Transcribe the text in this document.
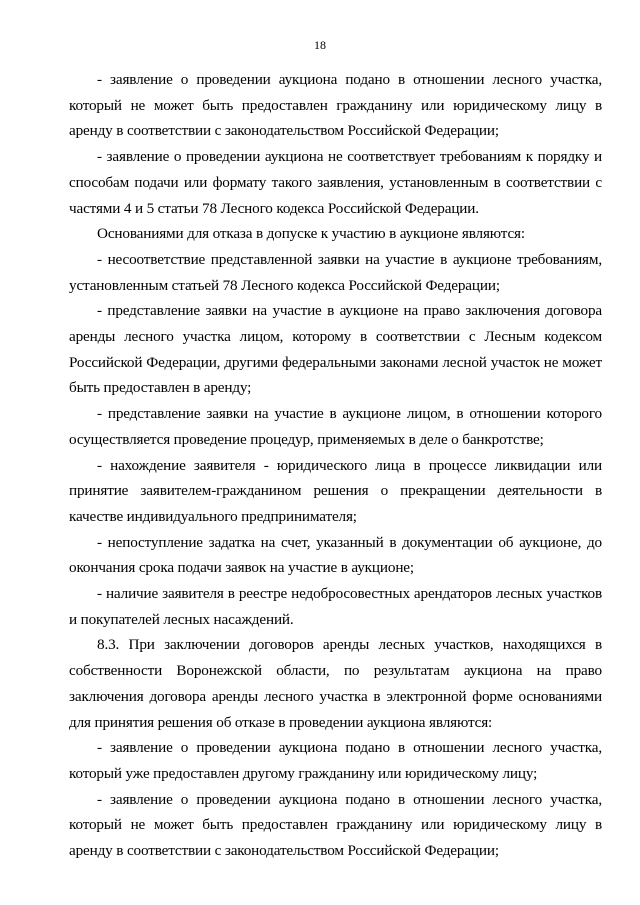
18

- заявление о проведении аукциона подано в отношении лесного участка, который не может быть предоставлен гражданину или юридическому лицу в аренду в соответствии с законодательством Российской Федерации;

- заявление о проведении аукциона не соответствует требованиям к порядку и способам подачи или формату такого заявления, установленным в соответствии с частями 4 и 5 статьи 78 Лесного кодекса Российской Федерации.

Основаниями для отказа в допуске к участию в аукционе являются:

- несоответствие представленной заявки на участие в аукционе требованиям, установленным статьей 78 Лесного кодекса Российской Федерации;

- представление заявки на участие в аукционе на право заключения договора аренды лесного участка лицом, которому в соответствии с Лесным кодексом Российской Федерации, другими федеральными законами лесной участок не может быть предоставлен в аренду;

- представление заявки на участие в аукционе лицом, в отношении которого осуществляется проведение процедур, применяемых в деле о банкротстве;

- нахождение заявителя - юридического лица в процессе ликвидации или принятие заявителем-гражданином решения о прекращении деятельности в качестве индивидуального предпринимателя;

- непоступление задатка на счет, указанный в документации об аукционе, до окончания срока подачи заявок на участие в аукционе;

- наличие заявителя в реестре недобросовестных арендаторов лесных участков и покупателей лесных насаждений.

8.3. При заключении договоров аренды лесных участков, находящихся в собственности Воронежской области, по результатам аукциона на право заключения договора аренды лесного участка в электронной форме основаниями для принятия решения об отказе в проведении аукциона являются:

- заявление о проведении аукциона подано в отношении лесного участка, который уже предоставлен другому гражданину или юридическому лицу;

- заявление о проведении аукциона подано в отношении лесного участка, который не может быть предоставлен гражданину или юридическому лицу в аренду в соответствии с законодательством Российской Федерации;
